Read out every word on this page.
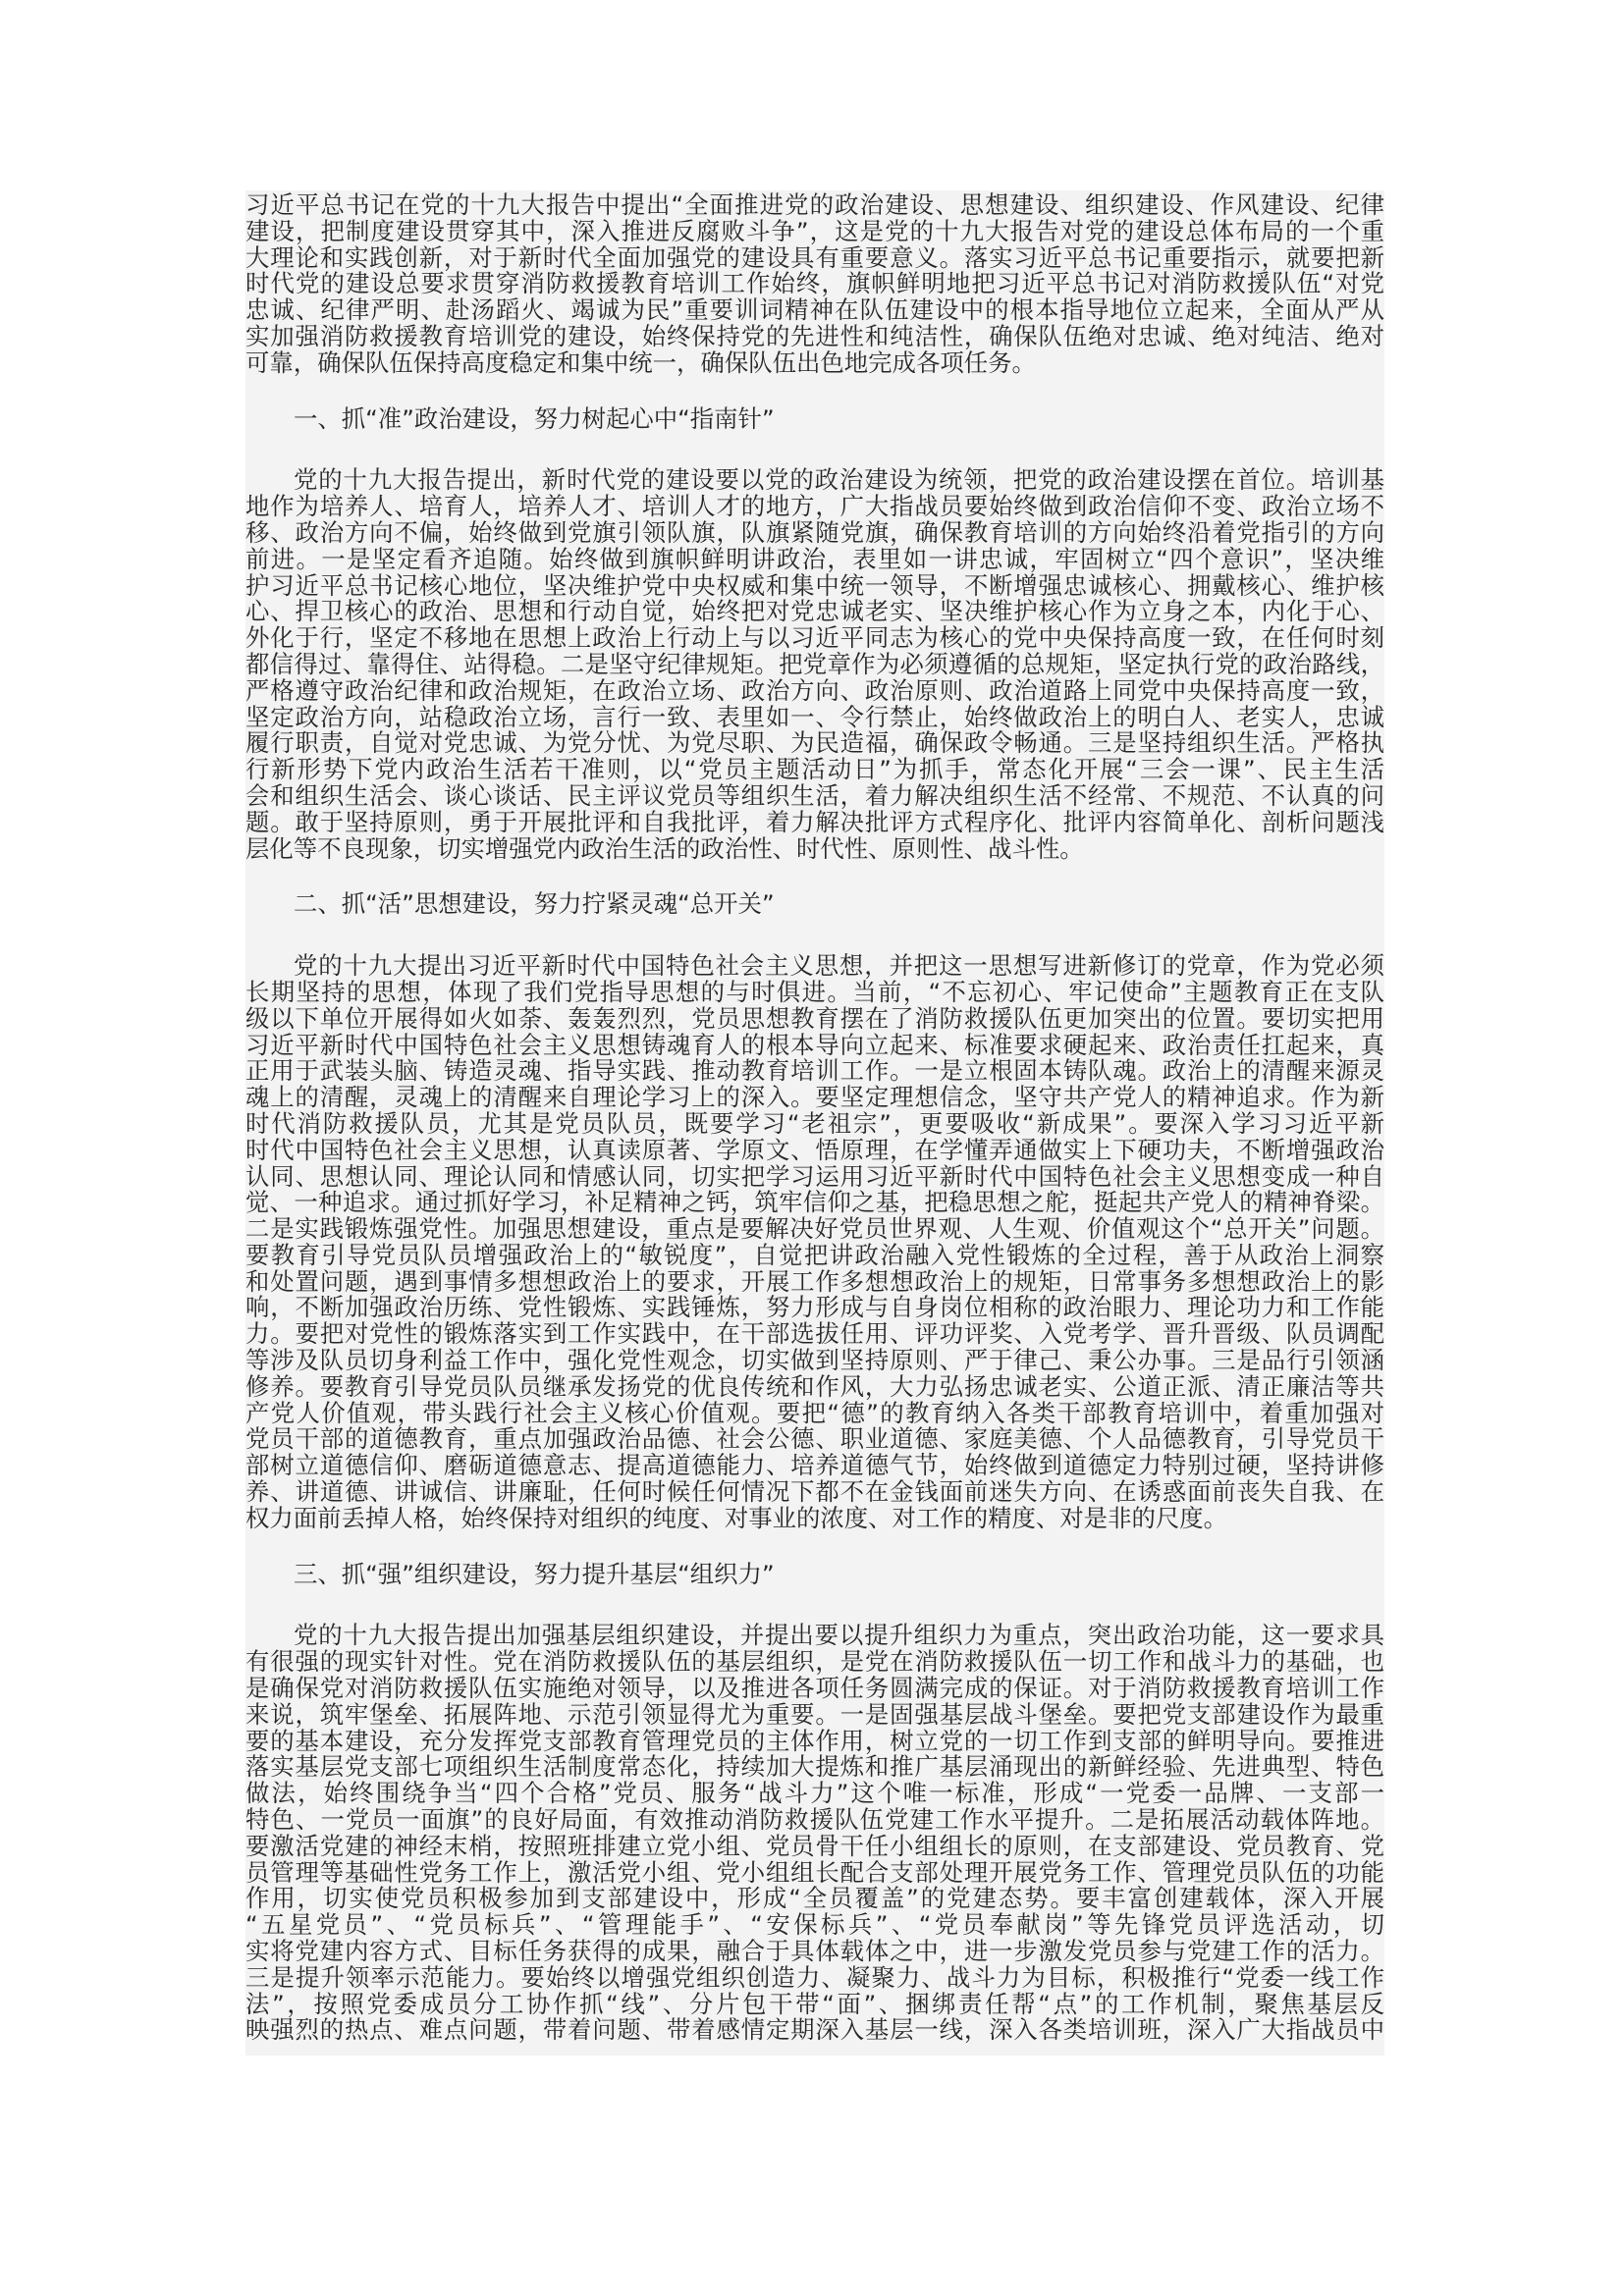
习近平总书记在党的十九大报告中提出“全面推进党的政治建设、思想建设、组织建设、作风建设、纪律
建设，把制度建设贯穿其中，深入推进反腐败斗争”，这是党的十九大报告对党的建设总体布局的一个重
大理论和实践创新，对于新时代全面加强党的建设具有重要意义。落实习近平总书记重要指示，就要把新
时代党的建设总要求贯穿消防救援教育培训工作始终，旗帜鲜明地把习近平总书记对消防救援队伍“对党
忠诚、纪律严明、赴汤蹈火、竭诚为民”重要训词精神在队伍建设中的根本指导地位立起来，全面从严从
实加强消防救援教育培训党的建设，始终保持党的先进性和纯洁性，确保队伍绝对忠诚、绝对纯洁、绝对
可靠，确保队伍保持高度稳定和集中统一，确保队伍出色地完成各项任务。
一、抓“准”政治建设，努力树起心中“指南针”
党的十九大报告提出，新时代党的建设要以党的政治建设为统领，把党的政治建设摆在首位。培训基
地作为培养人、培育人，培养人才、培训人才的地方，广大指战员要始终做到政治信仰不变、政治立场不
移、政治方向不偏，始终做到党旗引领队旗，队旗紧随党旗，确保教育培训的方向始终沿着党指引的方向
前进。一是坚定看齐追随。始终做到旗帜鲜明讲政治，表里如一讲忠诚，牢固树立“四个意识”，坚决维
护习近平总书记核心地位，坚决维护党中央权威和集中统一领导，不断增强忠诚核心、拥戴核心、维护核
心、捍卫核心的政治、思想和行动自觉，始终把对党忠诚老实、坚决维护核心作为立身之本，内化于心、
外化于行，坚定不移地在思想上政治上行动上与以习近平同志为核心的党中央保持高度一致，在任何时刻
都信得过、靠得住、站得稳。二是坚守纪律规矩。把党章作为必须遵循的总规矩，坚定执行党的政治路线，
严格遵守政治纪律和政治规矩，在政治立场、政治方向、政治原则、政治道路上同党中央保持高度一致，
坚定政治方向，站稳政治立场，言行一致、表里如一、令行禁止，始终做政治上的明白人、老实人，忠诚
履行职责，自觉对党忠诚、为党分忧、为党尽职、为民造福，确保政令畅通。三是坚持组织生活。严格执
行新形势下党内政治生活若干准则，以“党员主题活动日”为抓手，常态化开展“三会一课”、民主生活
会和组织生活会、谈心谈话、民主评议党员等组织生活，着力解决组织生活不经常、不规范、不认真的问
题。敢于坚持原则，勇于开展批评和自我批评，着力解决批评方式程序化、批评内容简单化、剖析问题浅
层化等不良现象，切实增强党内政治生活的政治性、时代性、原则性、战斗性。
二、抓“活”思想建设，努力拧紧灵魂“总开关”
党的十九大提出习近平新时代中国特色社会主义思想，并把这一思想写进新修订的党章，作为党必须
长期坚持的思想，体现了我们党指导思想的与时俱进。当前，“不忘初心、牢记使命”主题教育正在支队
级以下单位开展得如火如荼、轰轰烈烈，党员思想教育摆在了消防救援队伍更加突出的位置。要切实把用
习近平新时代中国特色社会主义思想铸魂育人的根本导向立起来、标准要求硬起来、政治责任扛起来，真
正用于武装头脑、铸造灵魂、指导实践、推动教育培训工作。一是立根固本铸队魂。政治上的清醒来源灵
魂上的清醒，灵魂上的清醒来自理论学习上的深入。要坚定理想信念，坚守共产党人的精神追求。作为新
时代消防救援队员，尤其是党员队员，既要学习“老祖宗”，更要吸收“新成果”。要深入学习习近平新
时代中国特色社会主义思想，认真读原著、学原文、悟原理，在学懂弄通做实上下硬功夫，不断增强政治
认同、思想认同、理论认同和情感认同，切实把学习运用习近平新时代中国特色社会主义思想变成一种自
觉、一种追求。通过抓好学习，补足精神之钙，筑牢信仰之基，把稳思想之舵，挺起共产党人的精神脊梁。
二是实践锻炼强党性。加强思想建设，重点是要解决好党员世界观、人生观、价值观这个“总开关”问题。
要教育引导党员队员增强政治上的“敏锐度”，自觉把讲政治融入党性锻炼的全过程，善于从政治上洞察
和处置问题，遇到事情多想想政治上的要求，开展工作多想想政治上的规矩，日常事务多想想政治上的影
响，不断加强政治历练、党性锻炼、实践锤炼，努力形成与自身岗位相称的政治眼力、理论功力和工作能
力。要把对党性的锻炼落实到工作实践中，在干部选拔任用、评功评奖、入党考学、晋升晋级、队员调配
等涉及队员切身利益工作中，强化党性观念，切实做到坚持原则、严于律己、秉公办事。三是品行引领涵
修养。要教育引导党员队员继承发扬党的优良传统和作风，大力弘扬忠诚老实、公道正派、清正廉洁等共
产党人价值观，带头践行社会主义核心价值观。要把“德”的教育纳入各类干部教育培训中，着重加强对
党员干部的道德教育，重点加强政治品德、社会公德、职业道德、家庭美德、个人品德教育，引导党员干
部树立道德信仰、磨砺道德意志、提高道德能力、培养道德气节，始终做到道德定力特别过硬，坚持讲修
养、讲道德、讲诚信、讲廉耻，任何时候任何情况下都不在金钱面前迷失方向、在诱惑面前丧失自我、在
权力面前丢掉人格，始终保持对组织的纯度、对事业的浓度、对工作的精度、对是非的尺度。
三、抓“强”组织建设，努力提升基层“组织力”
党的十九大报告提出加强基层组织建设，并提出要以提升组织力为重点，突出政治功能，这一要求具
有很强的现实针对性。党在消防救援队伍的基层组织，是党在消防救援队伍一切工作和战斗力的基础，也
是确保党对消防救援队伍实施绝对领导，以及推进各项任务圆满完成的保证。对于消防救援教育培训工作
来说，筑牢堡垒、拓展阵地、示范引领显得尤为重要。一是固强基层战斗堡垒。要把党支部建设作为最重
要的基本建设，充分发挥党支部教育管理党员的主体作用，树立党的一切工作到支部的鲜明导向。要推进
落实基层党支部七项组织生活制度常态化，持续加大提炼和推广基层涌现出的新鲜经验、先进典型、特色
做法，始终围绕争当“四个合格”党员、服务“战斗力”这个唯一标准，形成“一党委一品牌、一支部一
特色、一党员一面旗”的良好局面，有效推动消防救援队伍党建工作水平提升。二是拓展活动载体阵地。
要激活党建的神经末梢，按照班排建立党小组、党员骨干任小组组长的原则，在支部建设、党员教育、党
员管理等基础性党务工作上，激活党小组、党小组组长配合支部处理开展党务工作、管理党员队伍的功能
作用，切实使党员积极参加到支部建设中，形成“全员覆盖”的党建态势。要丰富创建载体，深入开展
“五星党员”、“党员标兵”、“管理能手”、“安保标兵”、“党员奉献岗”等先锋党员评选活动，切
实将党建内容方式、目标任务获得的成果，融合于具体载体之中，进一步激发党员参与党建工作的活力。
三是提升领率示范能力。要始终以增强党组织创造力、凝聚力、战斗力为目标，积极推行“党委一线工作
法”，按照党委成员分工协作抓“线”、分片包干带“面”、捆绑责任帮“点”的工作机制，聚焦基层反
映强烈的热点、难点问题，带着问题、带着感情定期深入基层一线，深入各类培训班，深入广大指战员中
